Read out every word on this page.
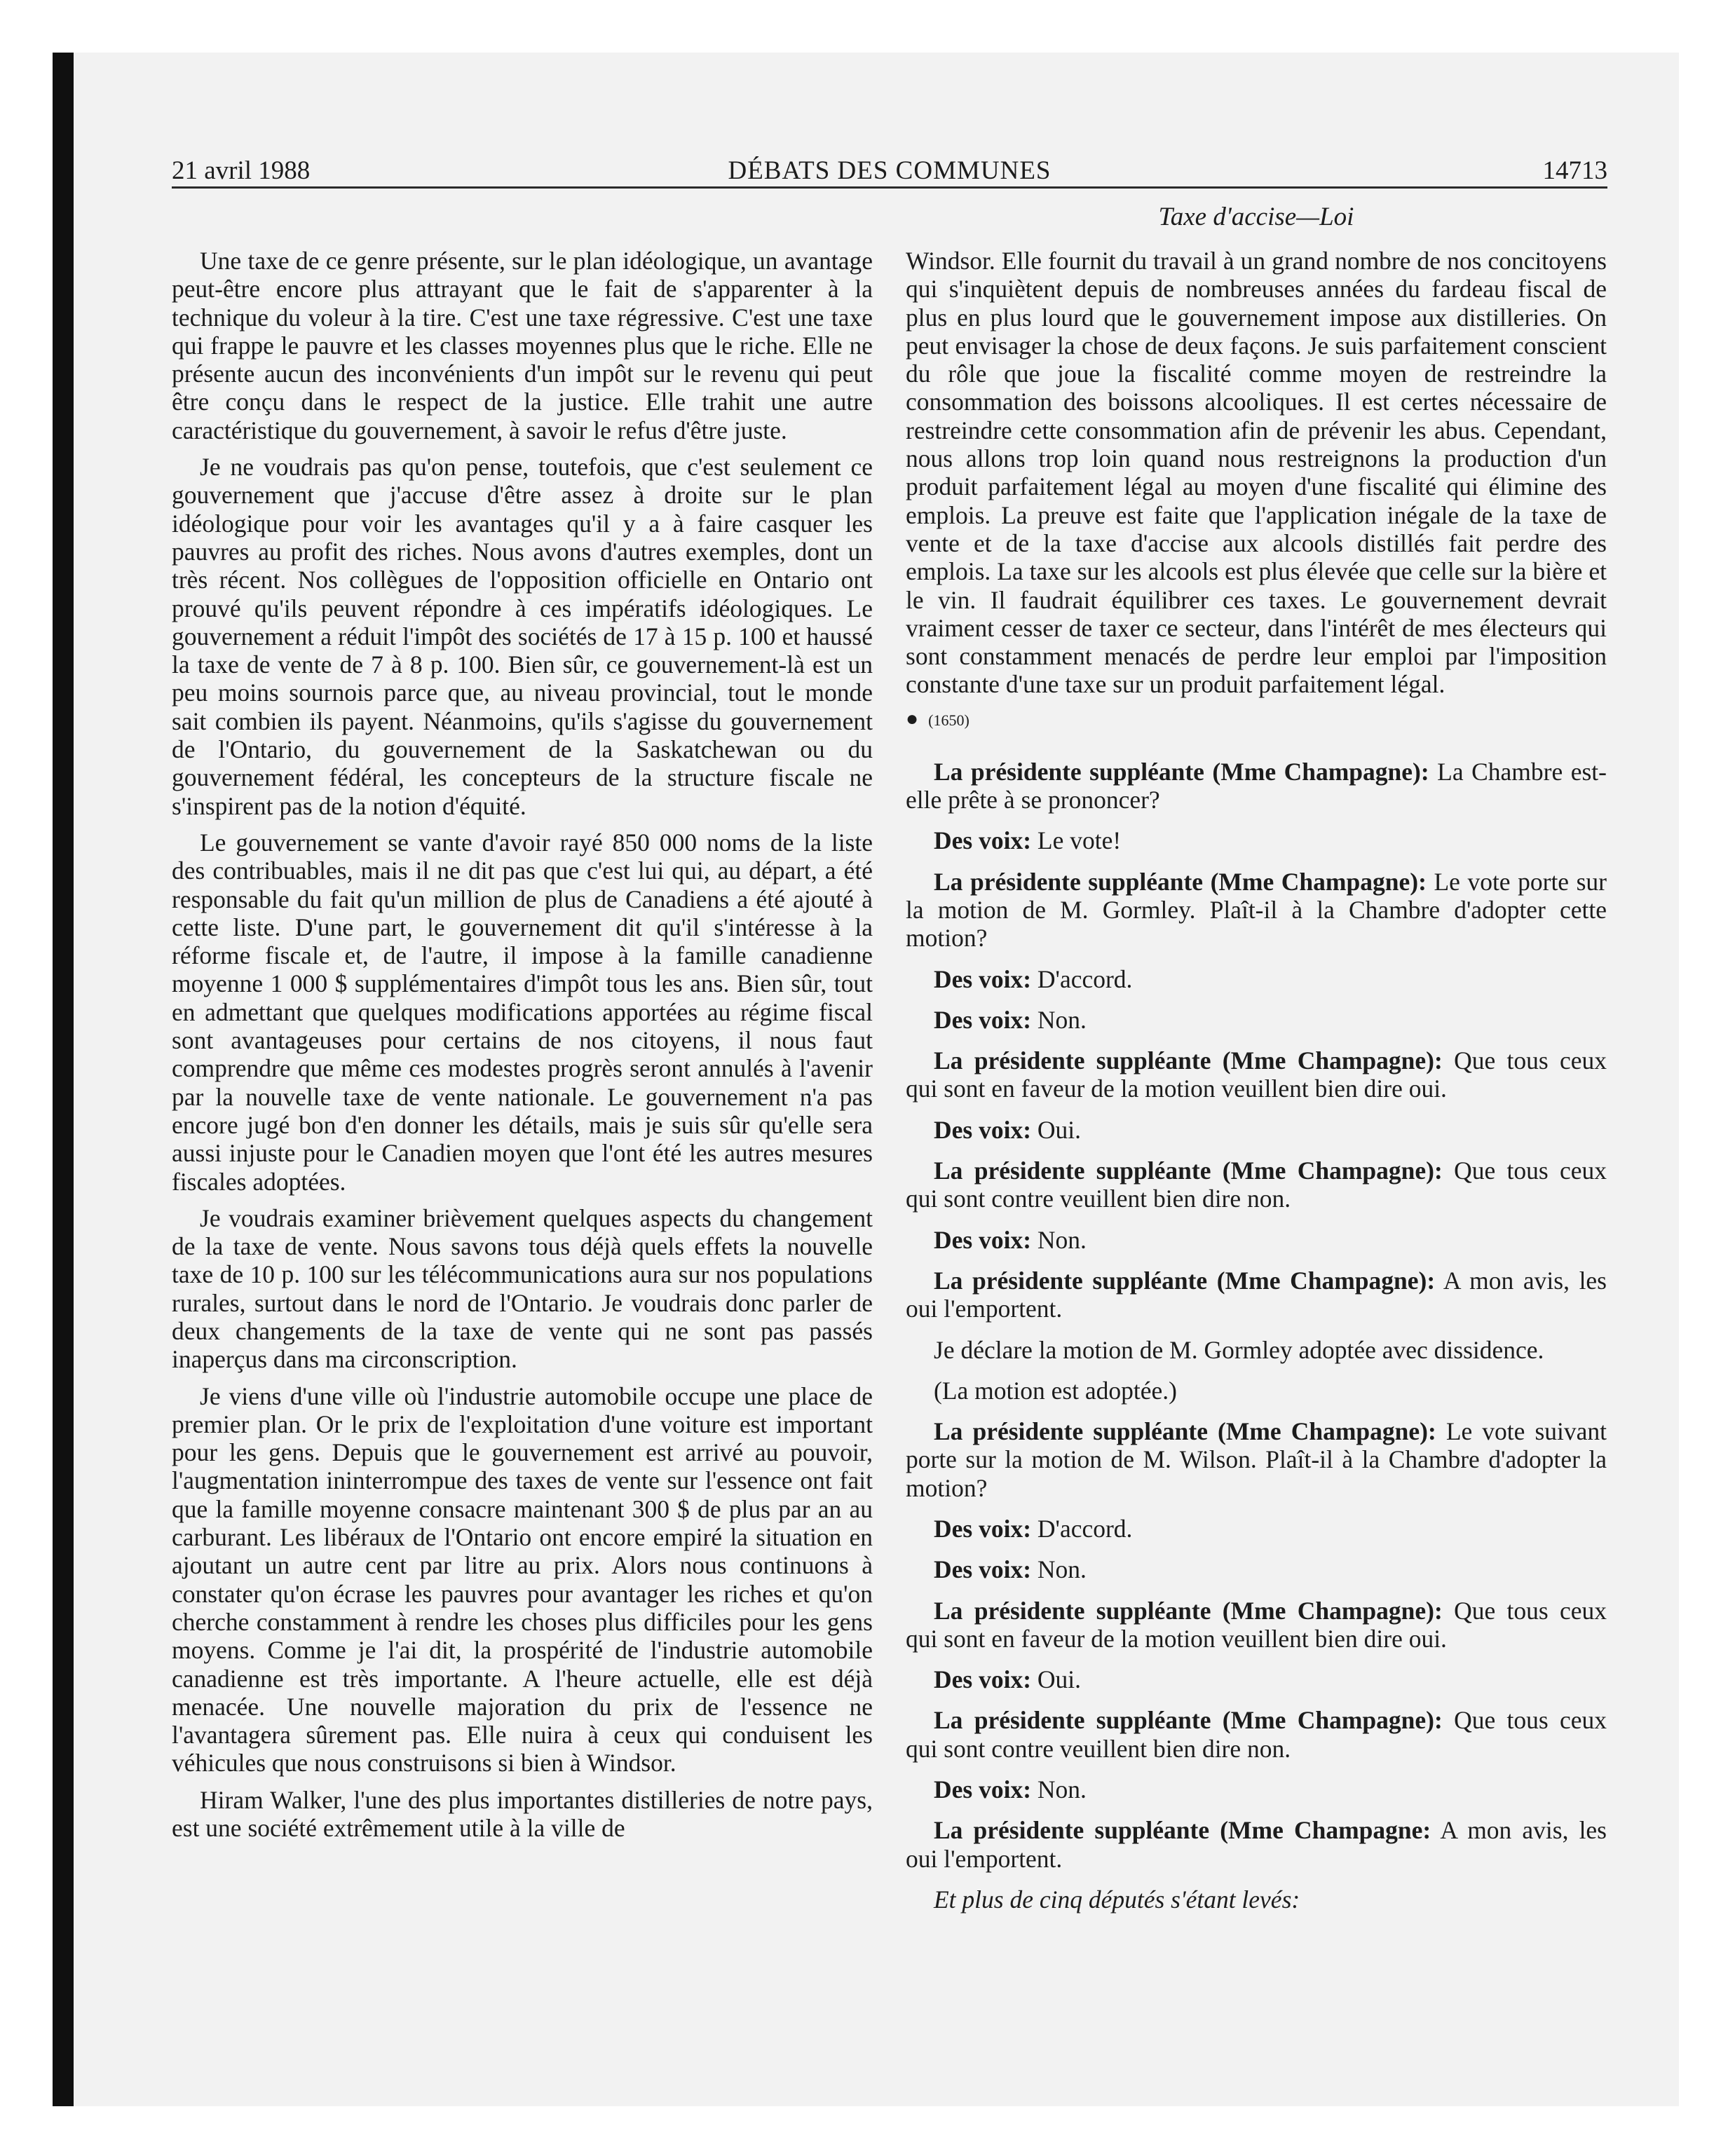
21 avril 1988	DÉBATS DES COMMUNES	14713
Taxe d'accise—Loi

Une taxe de ce genre présente, sur le plan idéologique, un avantage peut-être encore plus attrayant que le fait de s'apparenter à la technique du voleur à la tire. C'est une taxe régressive. C'est une taxe qui frappe le pauvre et les classes moyennes plus que le riche. Elle ne présente aucun des inconvénients d'un impôt sur le revenu qui peut être conçu dans le respect de la justice. Elle trahit une autre caractéristique du gouvernement, à savoir le refus d'être juste.

Je ne voudrais pas qu'on pense, toutefois, que c'est seulement ce gouvernement que j'accuse d'être assez à droite sur le plan idéologique pour voir les avantages qu'il y a à faire casquer les pauvres au profit des riches. Nous avons d'autres exemples, dont un très récent. Nos collègues de l'opposition officielle en Ontario ont prouvé qu'ils peuvent répondre à ces impératifs idéologiques. Le gouvernement a réduit l'impôt des sociétés de 17 à 15 p. 100 et haussé la taxe de vente de 7 à 8 p. 100. Bien sûr, ce gouvernement-là est un peu moins sournois parce que, au niveau provincial, tout le monde sait combien ils payent. Néanmoins, qu'ils s'agisse du gouvernement de l'Ontario, du gouvernement de la Saskatchewan ou du gouvernement fédéral, les concepteurs de la structure fiscale ne s'inspirent pas de la notion d'équité.

Le gouvernement se vante d'avoir rayé 850 000 noms de la liste des contribuables, mais il ne dit pas que c'est lui qui, au départ, a été responsable du fait qu'un million de plus de Canadiens a été ajouté à cette liste. D'une part, le gouvernement dit qu'il s'intéresse à la réforme fiscale et, de l'autre, il impose à la famille canadienne moyenne 1 000 $ supplémentaires d'impôt tous les ans. Bien sûr, tout en admettant que quelques modifications apportées au régime fiscal sont avantageuses pour certains de nos citoyens, il nous faut comprendre que même ces modestes progrès seront annulés à l'avenir par la nouvelle taxe de vente nationale. Le gouvernement n'a pas encore jugé bon d'en donner les détails, mais je suis sûr qu'elle sera aussi injuste pour le Canadien moyen que l'ont été les autres mesures fiscales adoptées.

Je voudrais examiner brièvement quelques aspects du changement de la taxe de vente. Nous savons tous déjà quels effets la nouvelle taxe de 10 p. 100 sur les télécommunications aura sur nos populations rurales, surtout dans le nord de l'Ontario. Je voudrais donc parler de deux changements de la taxe de vente qui ne sont pas passés inaperçus dans ma circonscription.

Je viens d'une ville où l'industrie automobile occupe une place de premier plan. Or le prix de l'exploitation d'une voiture est important pour les gens. Depuis que le gouvernement est arrivé au pouvoir, l'augmentation ininterrompue des taxes de vente sur l'essence ont fait que la famille moyenne consacre maintenant 300 $ de plus par an au carburant. Les libéraux de l'Ontario ont encore empiré la situation en ajoutant un autre cent par litre au prix. Alors nous continuons à constater qu'on écrase les pauvres pour avantager les riches et qu'on cherche constamment à rendre les choses plus difficiles pour les gens moyens. Comme je l'ai dit, la prospérité de l'industrie automobile canadienne est très importante. A l'heure actuelle, elle est déjà menacée. Une nouvelle majoration du prix de l'essence ne l'avantagera sûrement pas. Elle nuira à ceux qui conduisent les véhicules que nous construisons si bien à Windsor.

Hiram Walker, l'une des plus importantes distilleries de notre pays, est une société extrêmement utile à la ville de

Windsor. Elle fournit du travail à un grand nombre de nos concitoyens qui s'inquiètent depuis de nombreuses années du fardeau fiscal de plus en plus lourd que le gouvernement impose aux distilleries. On peut envisager la chose de deux façons. Je suis parfaitement conscient du rôle que joue la fiscalité comme moyen de restreindre la consommation des boissons alcooliques. Il est certes nécessaire de restreindre cette consommation afin de prévenir les abus. Cependant, nous allons trop loin quand nous restreignons la production d'un produit parfaitement légal au moyen d'une fiscalité qui élimine des emplois. La preuve est faite que l'application inégale de la taxe de vente et de la taxe d'accise aux alcools distillés fait perdre des emplois. La taxe sur les alcools est plus élevée que celle sur la bière et le vin. Il faudrait équilibrer ces taxes. Le gouvernement devrait vraiment cesser de taxer ce secteur, dans l'intérêt de mes électeurs qui sont constamment menacés de perdre leur emploi par l'imposition constante d'une taxe sur un produit parfaitement légal.

● (1650)

La présidente suppléante (Mme Champagne): La Chambre est-elle prête à se prononcer?

Des voix: Le vote!

La présidente suppléante (Mme Champagne): Le vote porte sur la motion de M. Gormley. Plaît-il à la Chambre d'adopter cette motion?

Des voix: D'accord.

Des voix: Non.

La présidente suppléante (Mme Champagne): Que tous ceux qui sont en faveur de la motion veuillent bien dire oui.

Des voix: Oui.

La présidente suppléante (Mme Champagne): Que tous ceux qui sont contre veuillent bien dire non.

Des voix: Non.

La présidente suppléante (Mme Champagne): A mon avis, les oui l'emportent.

Je déclare la motion de M. Gormley adoptée avec dissidence.

(La motion est adoptée.)

La présidente suppléante (Mme Champagne): Le vote suivant porte sur la motion de M. Wilson. Plaît-il à la Chambre d'adopter la motion?

Des voix: D'accord.

Des voix: Non.

La présidente suppléante (Mme Champagne): Que tous ceux qui sont en faveur de la motion veuillent bien dire oui.

Des voix: Oui.

La présidente suppléante (Mme Champagne): Que tous ceux qui sont contre veuillent bien dire non.

Des voix: Non.

La présidente suppléante (Mme Champagne: A mon avis, les oui l'emportent.

Et plus de cinq députés s'étant levés:
